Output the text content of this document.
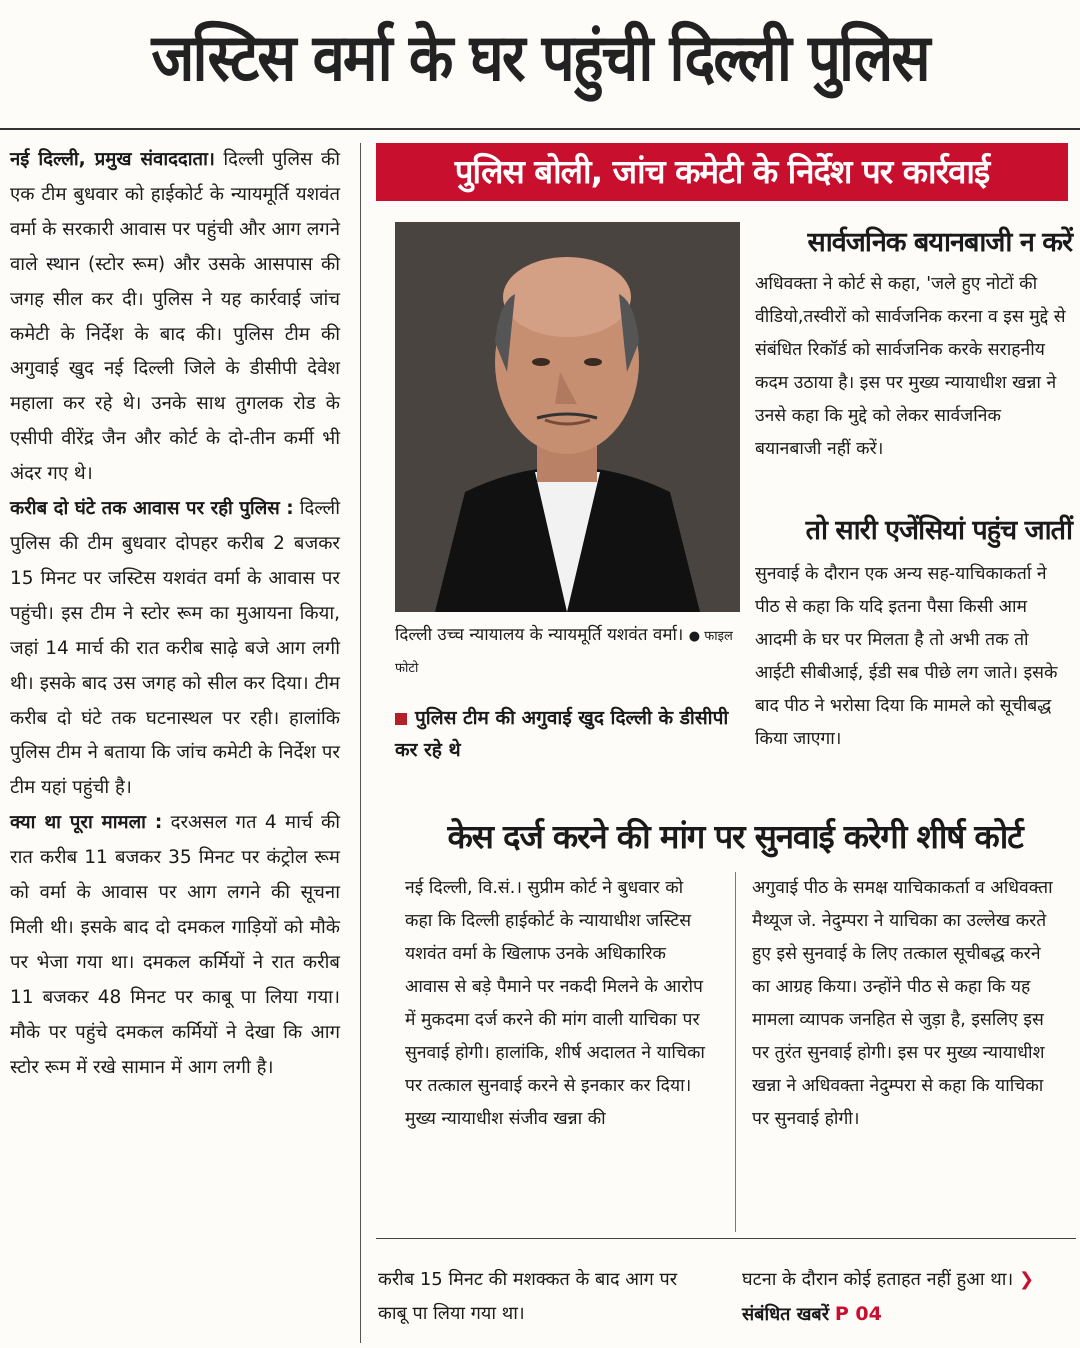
जस्टिस वर्मा के घर पहुंची दिल्ली पुलिस

नई दिल्ली, प्रमुख संवाददाता। दिल्ली पुलिस की एक टीम बुधवार को हाईकोर्ट के न्यायमूर्ति यशवंत वर्मा के सरकारी आवास पर पहुंची और आग लगने वाले स्थान (स्टोर रूम) और उसके आसपास की जगह सील कर दी। पुलिस ने यह कार्रवाई जांच कमेटी के निर्देश के बाद की। पुलिस टीम की अगुवाई खुद नई दिल्ली जिले के डीसीपी देवेश महाला कर रहे थे। उनके साथ तुगलक रोड के एसीपी वीरेंद्र जैन और कोर्ट के दो-तीन कर्मी भी अंदर गए थे।

करीब दो घंटे तक आवास पर रही पुलिस : दिल्ली पुलिस की टीम बुधवार दोपहर करीब 2 बजकर 15 मिनट पर जस्टिस यशवंत वर्मा के आवास पर पहुंची। इस टीम ने स्टोर रूम का मुआयना किया, जहां 14 मार्च की रात करीब साढ़े बजे आग लगी थी। इसके बाद उस जगह को सील कर दिया। टीम करीब दो घंटे तक घटनास्थल पर रही। हालांकि पुलिस टीम ने बताया कि जांच कमेटी के निर्देश पर टीम यहां पहुंची है।

क्या था पूरा मामला : दरअसल गत 4 मार्च की रात करीब 11 बजकर 35 मिनट पर कंट्रोल रूम को वर्मा के आवास पर आग लगने की सूचना मिली थी। इसके बाद दो दमकल गाड़ियों को मौके पर भेजा गया था। दमकल कर्मियों ने रात करीब 11 बजकर 48 मिनट पर काबू पा लिया गया। मौके पर पहुंचे दमकल कर्मियों ने देखा कि आग स्टोर रूम में रखे सामान में आग लगी है।

पुलिस बोली, जांच कमेटी के निर्देश पर कार्रवाई
दिल्ली उच्च न्यायालय के न्यायमूर्ति यशवंत वर्मा। ● फाइल फोटो
पुलिस टीम की अगुवाई खुद दिल्ली के डीसीपी कर रहे थे
सार्वजनिक बयानबाजी न करें
अधिवक्ता ने कोर्ट से कहा, 'जले हुए नोटों की वीडियो,तस्वीरों को सार्वजनिक करना व इस मुद्दे से संबंधित रिकॉर्ड को सार्वजनिक करके सराहनीय कदम उठाया है। इस पर मुख्य न्यायाधीश खन्ना ने उनसे कहा कि मुद्दे को लेकर सार्वजनिक बयानबाजी नहीं करें।
तो सारी एजेंसियां पहुंच जातीं
सुनवाई के दौरान एक अन्य सह-याचिकाकर्ता ने पीठ से कहा कि यदि इतना पैसा किसी आम आदमी के घर पर मिलता है तो अभी तक तो आईटी सीबीआई, ईडी सब पीछे लग जाते। इसके बाद पीठ ने भरोसा दिया कि मामले को सूचीबद्ध किया जाएगा।
केस दर्ज करने की मांग पर सुनवाई करेगी शीर्ष कोर्ट
नई दिल्ली, वि.सं.। सुप्रीम कोर्ट ने बुधवार को कहा कि दिल्ली हाईकोर्ट के न्यायाधीश जस्टिस यशवंत वर्मा के खिलाफ उनके अधिकारिक आवास से बड़े पैमाने पर नकदी मिलने के आरोप में मुकदमा दर्ज करने की मांग वाली याचिका पर सुनवाई होगी। हालांकि, शीर्ष अदालत ने याचिका पर तत्काल सुनवाई करने से इनकार कर दिया। मुख्य न्यायाधीश संजीव खन्ना की
अगुवाई पीठ के समक्ष याचिकाकर्ता व अधिवक्ता मैथ्यूज जे. नेदुम्परा ने याचिका का उल्लेख करते हुए इसे सुनवाई के लिए तत्काल सूचीबद्ध करने का आग्रह किया। उन्होंने पीठ से कहा कि यह मामला व्यापक जनहित से जुड़ा है, इसलिए इस पर तुरंत सुनवाई होगी। इस पर मुख्य न्यायाधीश खन्ना ने अधिवक्ता नेदुम्परा से कहा कि याचिका पर सुनवाई होगी।
करीब 15 मिनट की मशक्कत के बाद आग पर काबू पा लिया गया था।
घटना के दौरान कोई हताहत नहीं हुआ था। ❯संबंधित खबरें P 04
